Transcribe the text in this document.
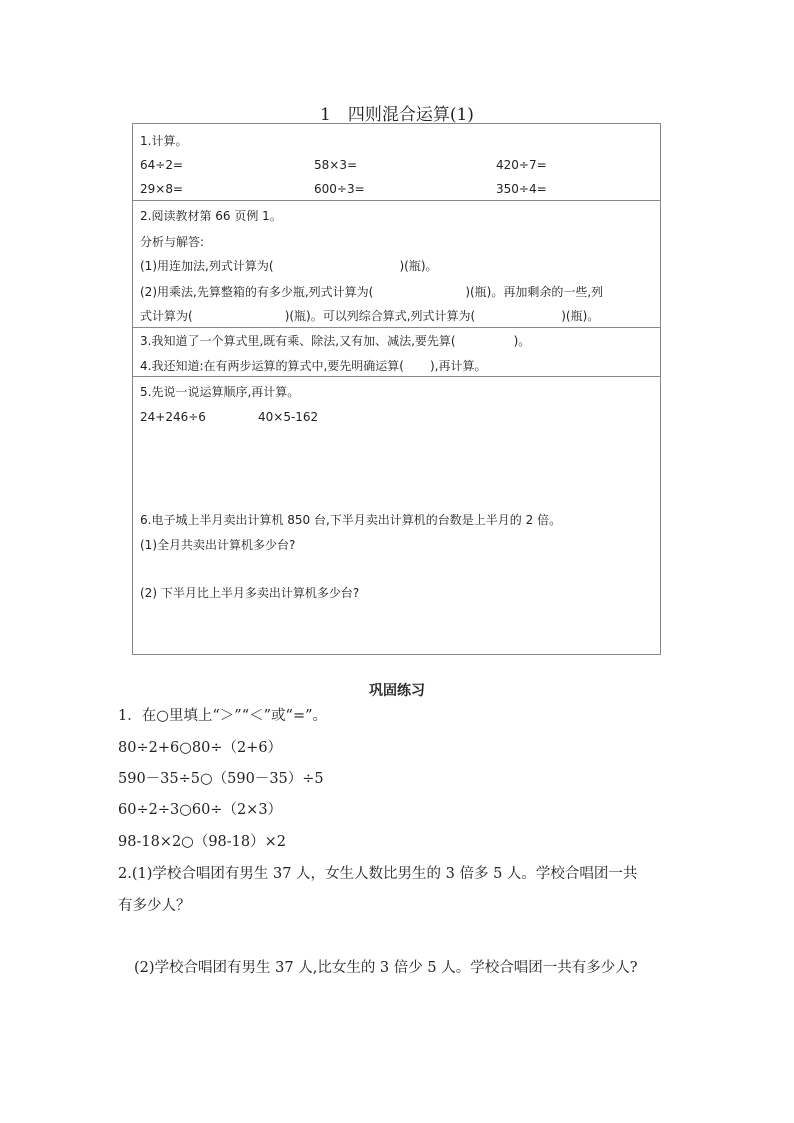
1　四则混合运算(1)
1.计算。
64÷2=	58×3=	420÷7=
29×8=	600÷3=	350÷4=
2.阅读教材第 66 页例 1。
分析与解答:
(1)用连加法,列式计算为(	)(瓶)。
(2)用乘法,先算整箱的有多少瓶,列式计算为(	)(瓶)。再加剩余的一些,列
式计算为(	)(瓶)。可以列综合算式,列式计算为(	)(瓶)。
3.我知道了一个算式里,既有乘、除法,又有加、减法,要先算(	)。
4.我还知道:在有两步运算的算式中,要先明确运算( ),再计算。
5.先说一说运算顺序,再计算。
24+246÷6	40×5-162
6.电子城上半月卖出计算机 850 台,下半月卖出计算机的台数是上半月的 2 倍。
(1)全月共卖出计算机多少台?
(2) 下半月比上半月多卖出计算机多少台?
巩固练习
1．在○里填上“＞”“＜”或“=”。
80÷2+6○80÷（2+6）
590－35÷5○（590－35）÷5
60÷2÷3○60÷（2×3）
98-18×2○（98-18）×2
2.(1)学校合唱团有男生 37 人，女生人数比男生的 3 倍多 5 人。学校合唱团一共
有多少人？
(2)学校合唱团有男生 37 人,比女生的 3 倍少 5 人。学校合唱团一共有多少人?
